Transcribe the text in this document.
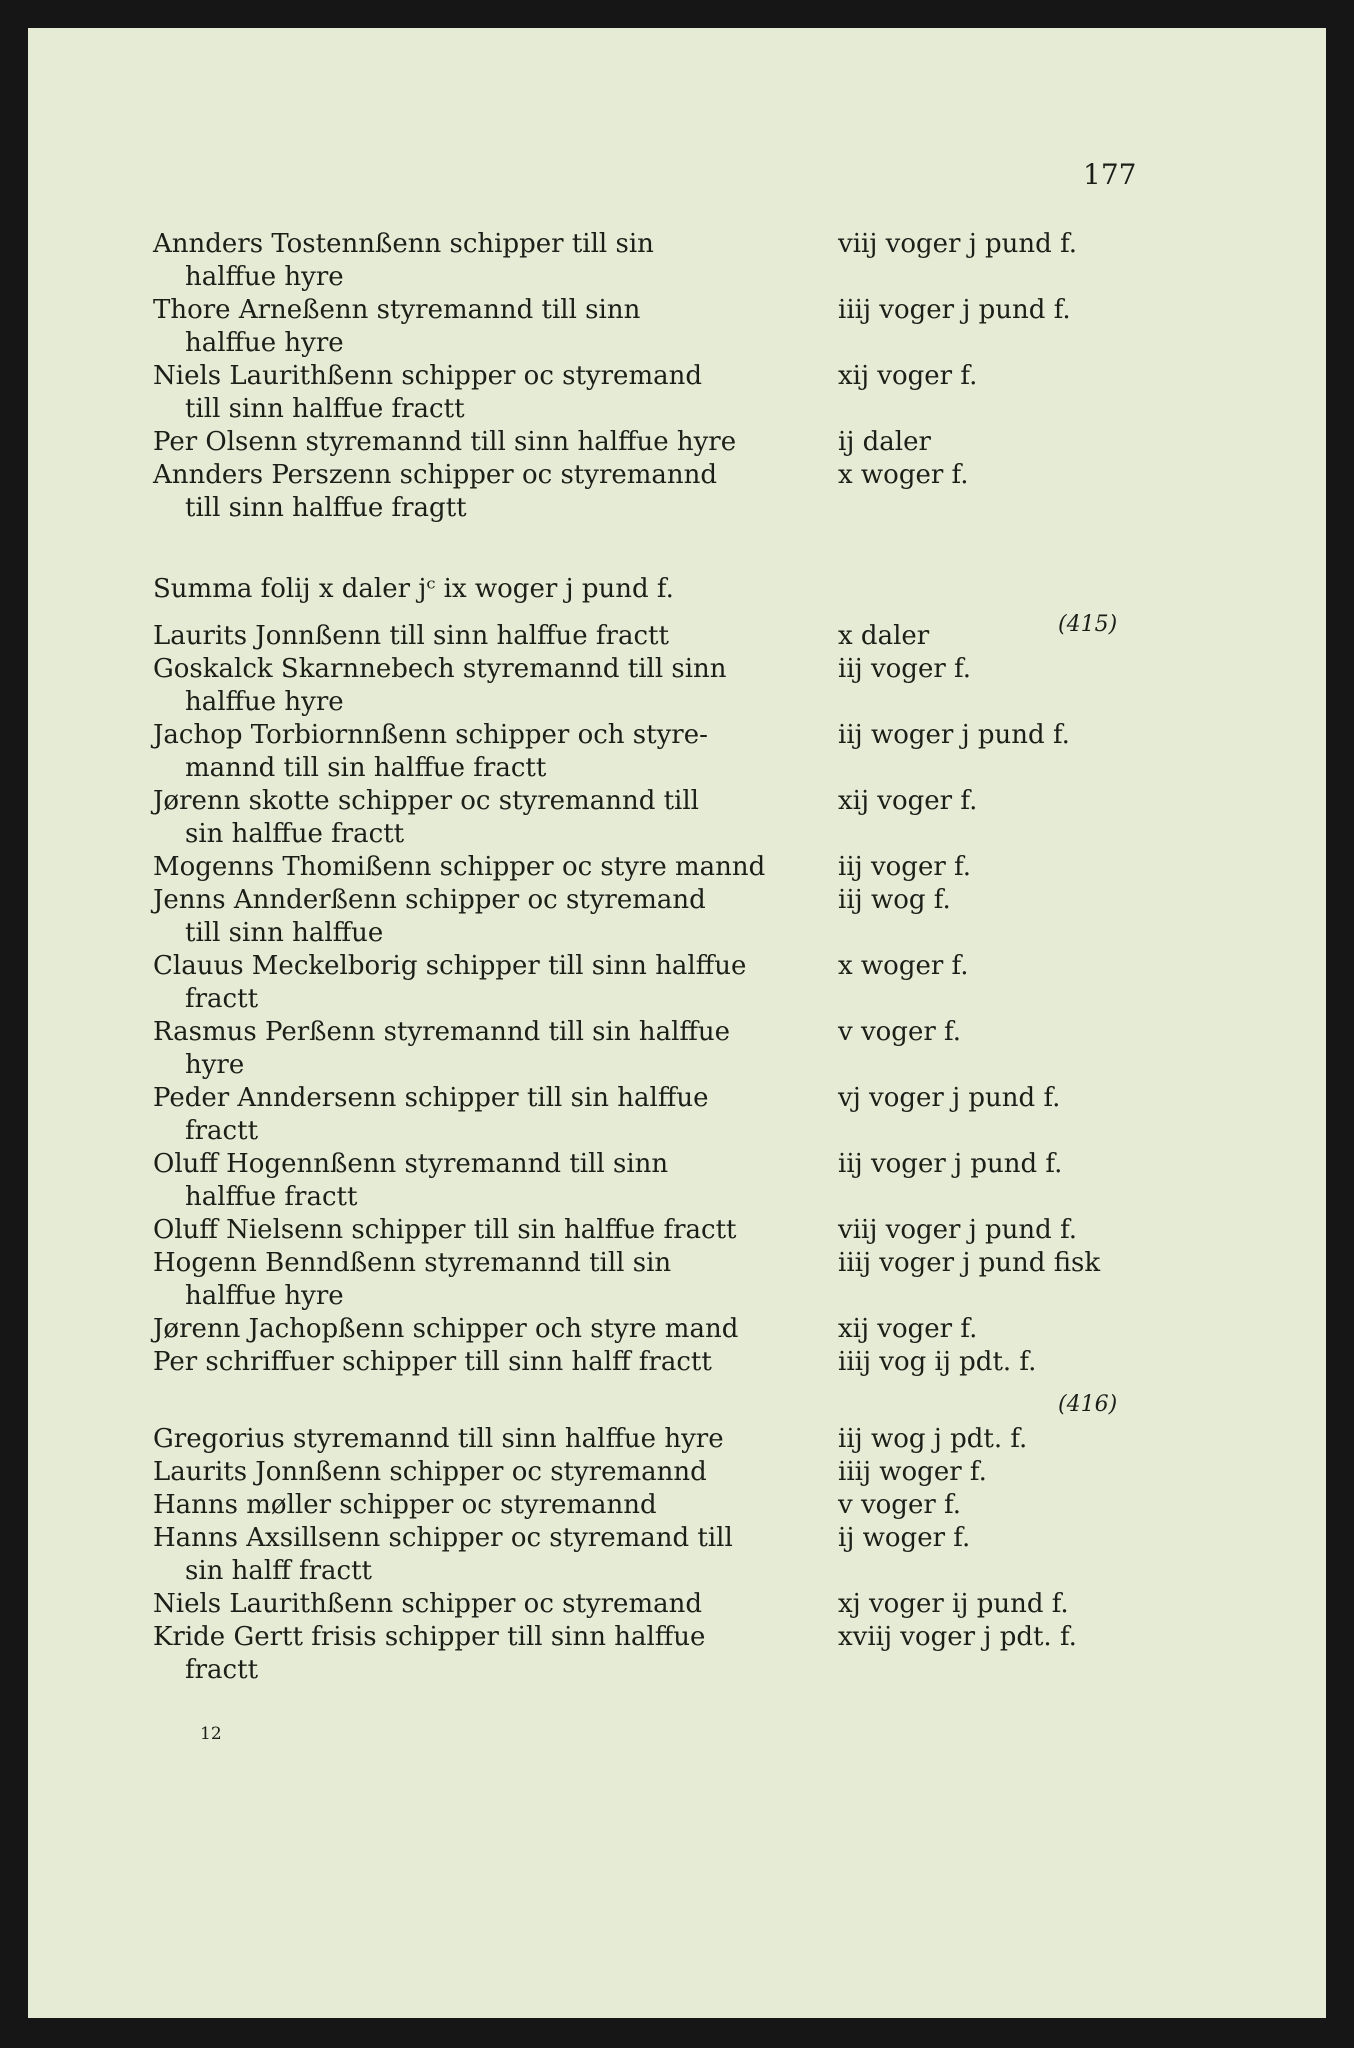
177
Annders Tostennßenn schipper till sin
halffue hyre
viij voger j pund f.
Thore Arneßenn styremannd till sinn
halffue hyre
iiij voger j pund f.
Niels Laurithßenn schipper oc styremand
till sinn halffue fractt
xij voger f.
Per Olsenn styremannd till sinn halffue hyre	ij daler
Annders Perszenn schipper oc styremannd
till sinn halffue fragtt
x woger f.
Laurits Jonnßenn till sinn halffue fractt	x daler
Goskalck Skarnnebech styremannd till sinn
halffue hyre
iij voger f.
Jachop Torbiornnßenn schipper och styre-
mannd till sin halffue fractt
iij woger j pund f.
Jørenn skotte schipper oc styremannd till
sin halffue fractt
xij voger f.
Mogenns Thomißenn schipper oc styre mannd	iij voger f.
Jenns Annderßenn schipper oc styremand
till sinn halffue
iij wog f.
Clauus Meckelborig schipper till sinn halffue
fractt
x woger f.
Rasmus Perßenn styremannd till sin halffue
hyre
v voger f.
Peder Anndersenn schipper till sin halffue
fractt
vj voger j pund f.
Oluff Hogennßenn styremannd till sinn
halffue fractt
iij voger j pund f.
Oluff Nielsenn schipper till sin halffue fractt	viij voger j pund f.
Hogenn Benndßenn styremannd till sin
halffue hyre
iiij voger j pund fisk
Jørenn Jachopßenn schipper och styre mand	xij voger f.
Per schriffuer schipper till sinn halff fractt	iiij vog ij pdt. f.
Gregorius styremannd till sinn halffue hyre	iij wog j pdt. f.
Laurits Jonnßenn schipper oc styremannd	iiij woger f.
Hanns møller schipper oc styremannd	v voger f.
Hanns Axsillsenn schipper oc styremand till
sin halff fractt
ij woger f.
Niels Laurithßenn schipper oc styremand	xj voger ij pund f.
Kride Gertt frisis schipper till sinn halffue
fractt
xviij voger j pdt. f.
Summa folij x daler jᶜ ix woger j pund f.
(415)
(416)
12
